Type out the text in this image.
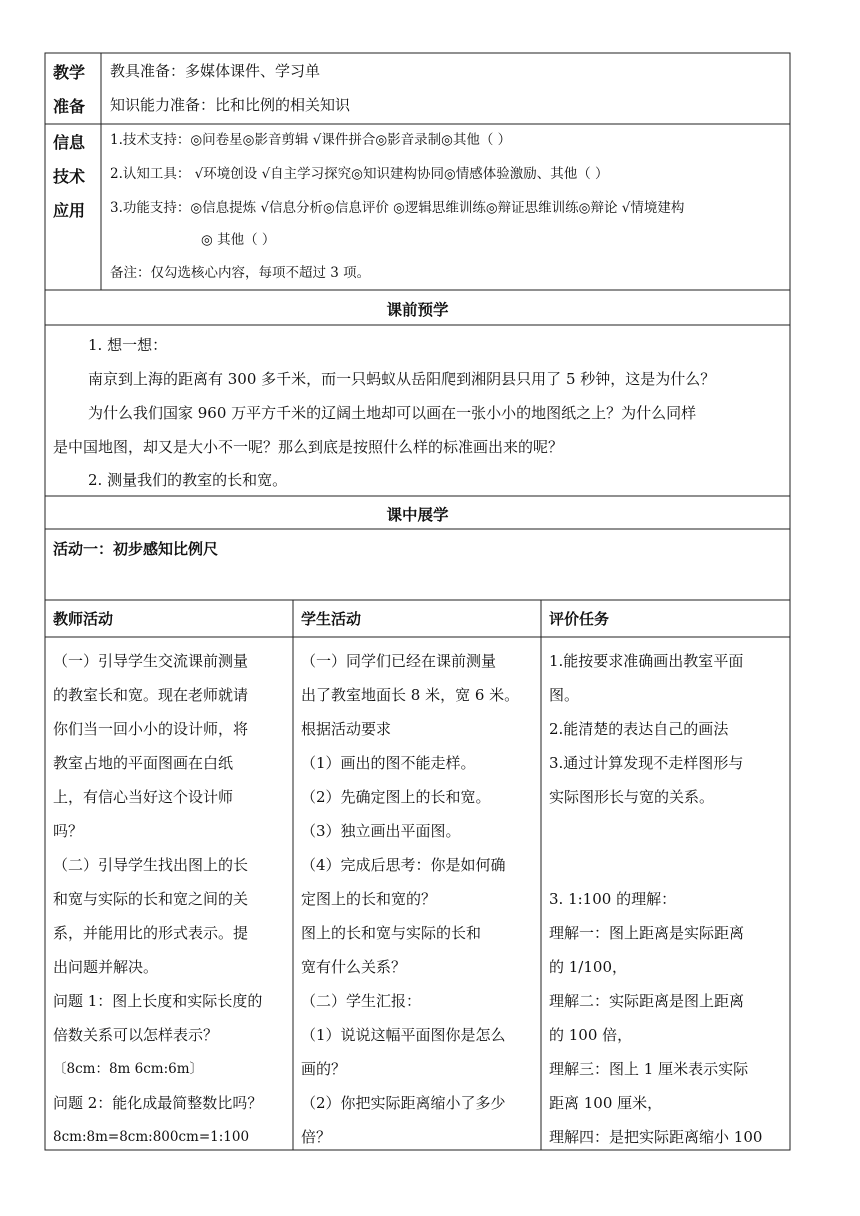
教学
准备
教具准备：多媒体课件、学习单
知识能力准备：比和比例的相关知识
信息
技术
应用
1.技术支持：◎问卷星◎影音剪辑 √课件拼合◎影音录制◎其他（ ）
2.认知工具： √环境创设 √自主学习探究◎知识建构协同◎情感体验激励、其他（ ）
3.功能支持：◎信息提炼 √信息分析◎信息评价 ◎逻辑思维训练◎辩证思维训练◎辩论 √情境建构
◎ 其他（ ）
备注：仅勾选核心内容，每项不超过 3 项。
课前预学
1. 想一想：
南京到上海的距离有 300 多千米，而一只蚂蚁从岳阳爬到湘阴县只用了 5 秒钟，这是为什么？
为什么我们国家 960 万平方千米的辽阔土地却可以画在一张小小的地图纸之上？为什么同样
是中国地图，却又是大小不一呢？那么到底是按照什么样的标准画出来的呢？
2. 测量我们的教室的长和宽。
课中展学
活动一：初步感知比例尺
教师活动	学生活动	评价任务
（一）引导学生交流课前测量
的教室长和宽。现在老师就请
你们当一回小小的设计师，将
教室占地的平面图画在白纸
上，有信心当好这个设计师
吗？
（二）引导学生找出图上的长
和宽与实际的长和宽之间的关
系，并能用比的形式表示。提
出问题并解决。
问题 1：图上长度和实际长度的
倍数关系可以怎样表示？
〔8cm：8m 6cm:6m〕
问题 2：能化成最简整数比吗？
8cm:8m=8cm:800cm=1:100
（一）同学们已经在课前测量
出了教室地面长 8 米，宽 6 米。
根据活动要求
（1）画出的图不能走样。
（2）先确定图上的长和宽。
（3）独立画出平面图。
（4）完成后思考：你是如何确
定图上的长和宽的？
图上的长和宽与实际的长和
宽有什么关系？
（二）学生汇报：
（1）说说这幅平面图你是怎么
画的？
（2）你把实际距离缩小了多少
倍？
1.能按要求准确画出教室平面
图。
2.能清楚的表达自己的画法
3.通过计算发现不走样图形与
实际图形长与宽的关系。
3. 1:100 的理解：
理解一：图上距离是实际距离
的 1/100，
理解二：实际距离是图上距离
的 100 倍，
理解三：图上 1 厘米表示实际
距离 100 厘米，
理解四：是把实际距离缩小 100
